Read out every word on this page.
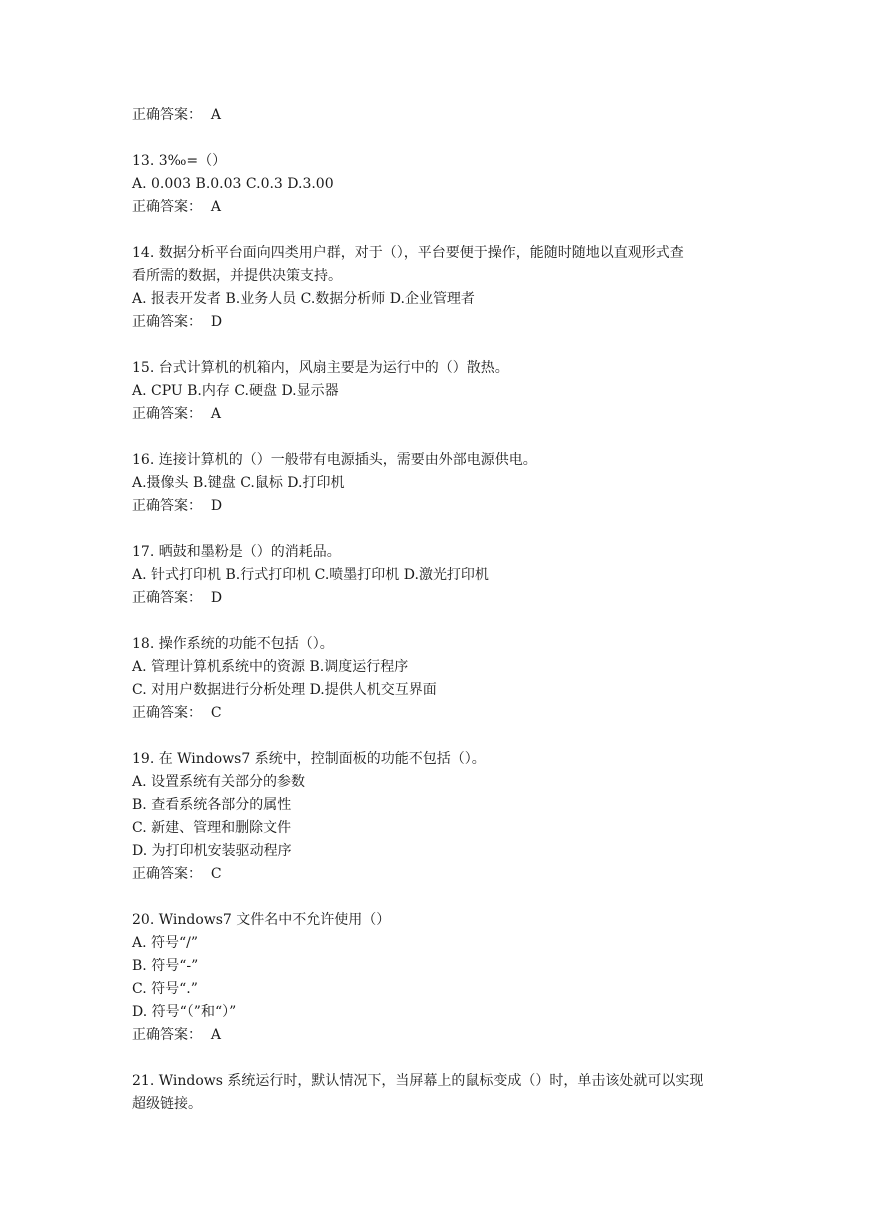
正确答案： A
13. 3‰=（）
A. 0.003 B.0.03 C.0.3 D.3.00
正确答案： A
14. 数据分析平台面向四类用户群，对于（），平台要便于操作，能随时随地以直观形式查
看所需的数据，并提供决策支持。
A. 报表开发者 B.业务人员 C.数据分析师 D.企业管理者
正确答案： D
15. 台式计算机的机箱内，风扇主要是为运行中的（）散热。
A. CPU B.内存 C.硬盘 D.显示器
正确答案： A
16. 连接计算机的（）一般带有电源插头，需要由外部电源供电。
A.摄像头 B.键盘 C.鼠标 D.打印机
正确答案： D
17. 晒鼓和墨粉是（）的消耗品。
A. 针式打印机 B.行式打印机 C.喷墨打印机 D.激光打印机
正确答案： D
18. 操作系统的功能不包括（）。
A. 管理计算机系统中的资源 B.调度运行程序
C. 对用户数据进行分析处理 D.提供人机交互界面
正确答案： C
19. 在 Windows7 系统中，控制面板的功能不包括（）。
A. 设置系统有关部分的参数
B. 查看系统各部分的属性
C. 新建、管理和删除文件
D. 为打印机安装驱动程序
正确答案： C
20. Windows7 文件名中不允许使用（）
A. 符号“/”
B. 符号“-”
C. 符号“.”
D. 符号“（”和“）”
正确答案： A
21. Windows 系统运行时，默认情况下，当屏幕上的鼠标变成（）时，单击该处就可以实现
超级链接。
